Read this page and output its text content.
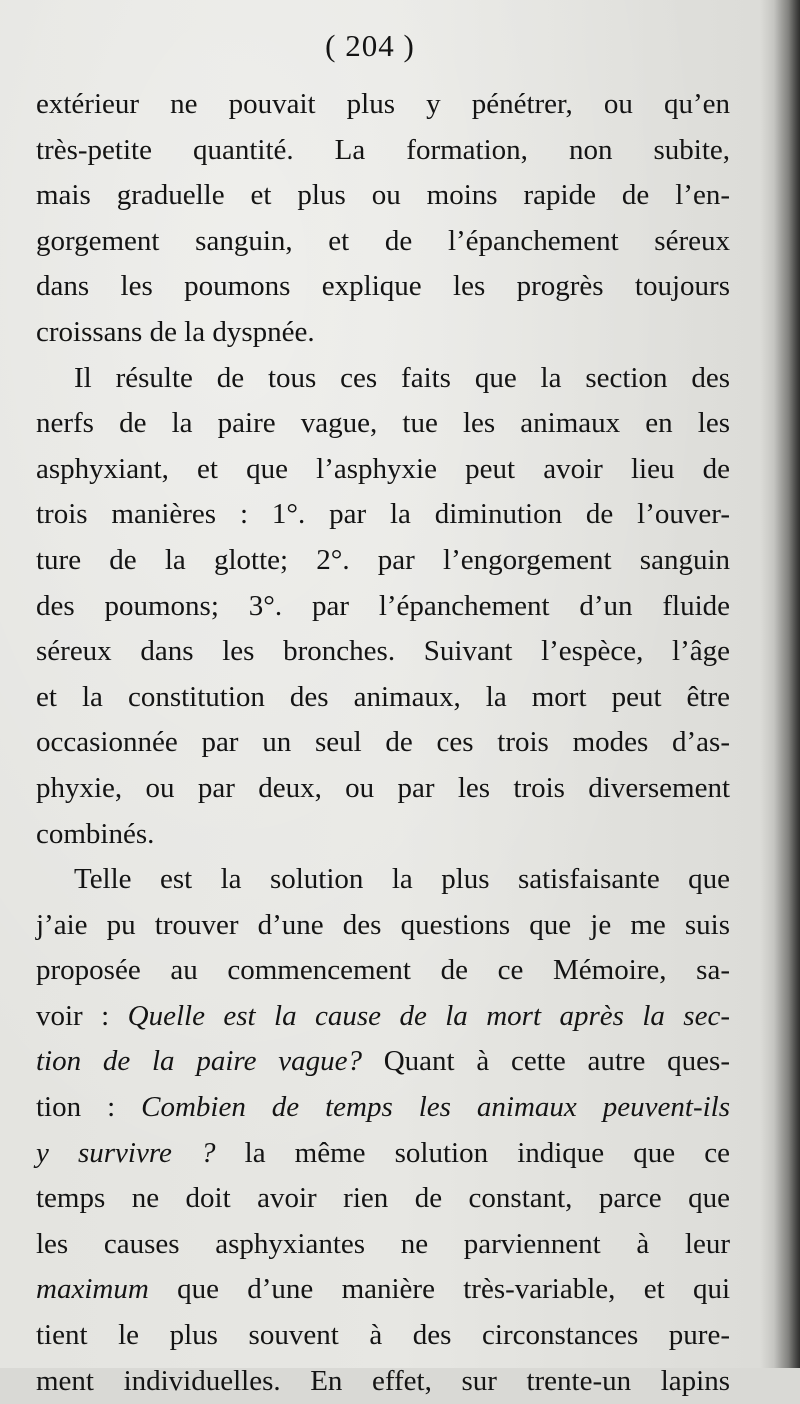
( 204 )
extérieur ne pouvait plus y pénétrer, ou qu’en
très-petite quantité. La formation, non subite,
mais graduelle et plus ou moins rapide de l’en-
gorgement sanguin, et de l’épanchement séreux
dans les poumons explique les progrès toujours
croissans de la dyspnée.
Il résulte de tous ces faits que la section des
nerfs de la paire vague, tue les animaux en les
asphyxiant, et que l’asphyxie peut avoir lieu de
trois manières : 1°. par la diminution de l’ouver-
ture de la glotte; 2°. par l’engorgement sanguin
des poumons; 3°. par l’épanchement d’un fluide
séreux dans les bronches. Suivant l’espèce, l’âge
et la constitution des animaux, la mort peut être
occasionnée par un seul de ces trois modes d’as-
phyxie, ou par deux, ou par les trois diversement
combinés.
Telle est la solution la plus satisfaisante que
j’aie pu trouver d’une des questions que je me suis
proposée au commencement de ce Mémoire, sa-
voir : Quelle est la cause de la mort après la sec-
tion de la paire vague? Quant à cette autre ques-
tion : Combien de temps les animaux peuvent-ils
y survivre ? la même solution indique que ce
temps ne doit avoir rien de constant, parce que
les causes asphyxiantes ne parviennent à leur
maximum que d’une manière très-variable, et qui
tient le plus souvent à des circonstances pure-
ment individuelles. En effet, sur trente-un lapins
